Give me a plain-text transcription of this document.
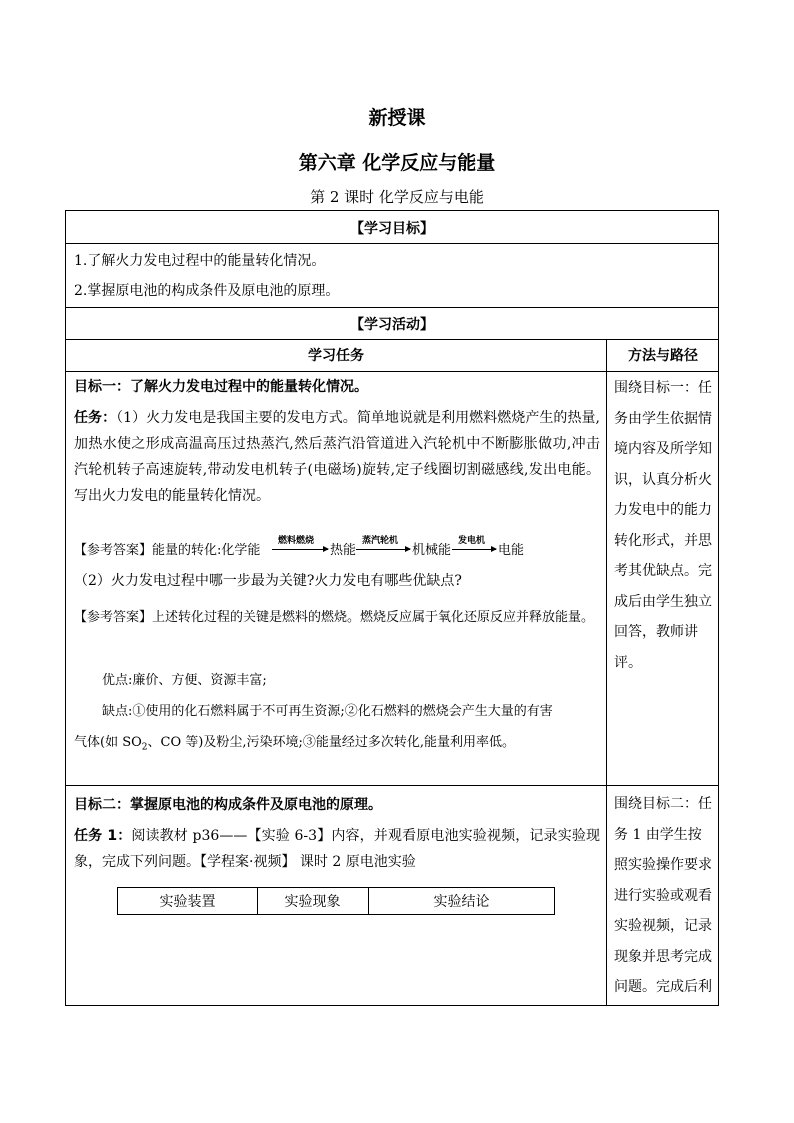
新授课
第六章 化学反应与能量
第 2 课时 化学反应与电能
【学习目标】
1.了解火力发电过程中的能量转化情况。
2.掌握原电池的构成条件及原电池的原理。
【学习活动】
学习任务	方法与路径
目标一：了解火力发电过程中的能量转化情况。
任务：（1）火力发电是我国主要的发电方式。简单地说就是利用燃料燃烧产生的热量,加热水使之形成高温高压过热蒸汽,然后蒸汽沿管道进入汽轮机中不断膨胀做功,冲击汽轮机转子高速旋转,带动发电机转子(电磁场)旋转,定子线圈切割磁感线,发出电能。写出火力发电的能量转化情况。
【参考答案】能量的转化:化学能
燃料燃烧
热能
蒸汽轮机
机械能
发电机
电能
（2）火力发电过程中哪一步最为关键?火力发电有哪些优缺点?
【参考答案】上述转化过程的关键是燃料的燃烧。燃烧反应属于氧化还原反应并释放能量。
优点:廉价、方便、资源丰富;
缺点:①使用的化石燃料属于不可再生资源;②化石燃料的燃烧会产生大量的有害
气体(如 $SO_2$、CO 等)及粉尘,污染环境;③能量经过多次转化,能量利用率低。
围绕目标一：任务由学生依据情境内容及所学知识，认真分析火力发电中的能力转化形式，并思考其优缺点。完成后由学生独立回答，教师讲评。
目标二：掌握原电池的构成条件及原电池的原理。
任务 1：阅读教材 p36——【实验 6-3】内容，并观看原电池实验视频，记录实验现象，完成下列问题。【学程案·视频】 课时 2 原电池实验
实验装置	实验现象	实验结论
围绕目标二：任务 1 由学生按照实验操作要求进行实验或观看实验视频，记录现象并思考完成问题。完成后利
